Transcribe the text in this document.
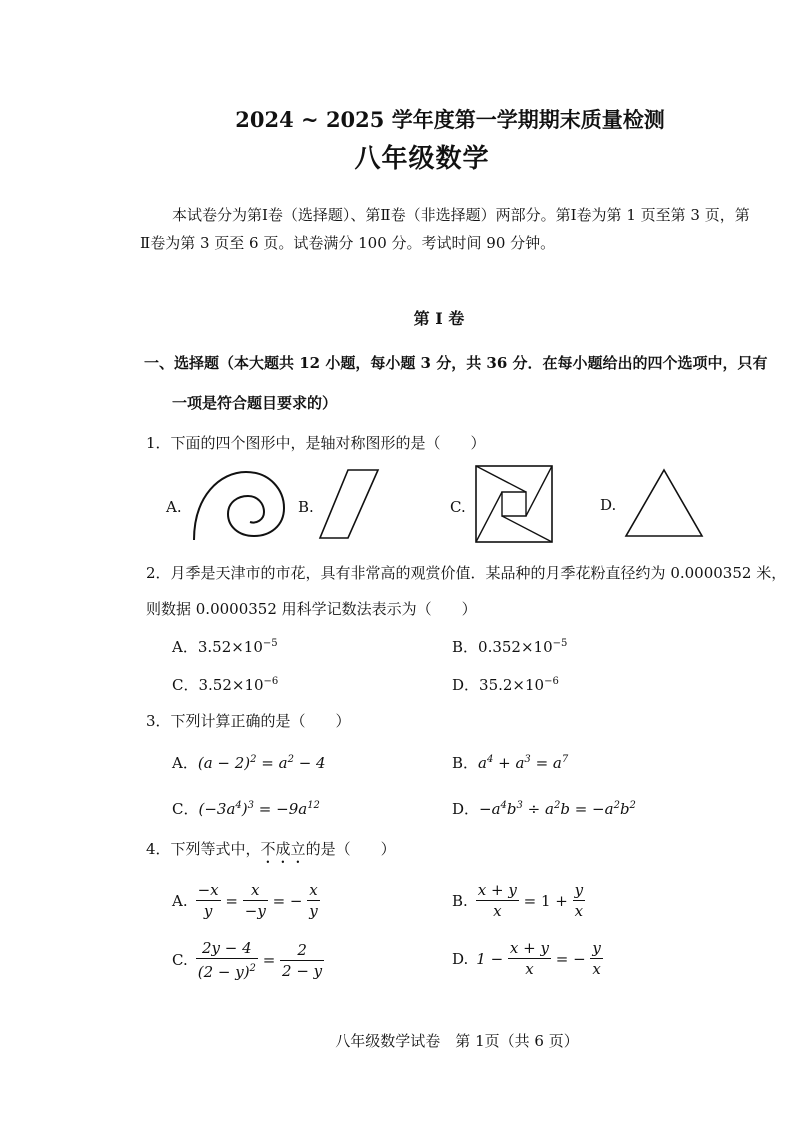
2024 ~ 2025 学年度第一学期期末质量检测
八年级数学
本试卷分为第Ⅰ卷（选择题）、第Ⅱ卷（非选择题）两部分。第Ⅰ卷为第 1 页至第 3 页，第
Ⅱ卷为第 3 页至 6 页。试卷满分 100 分。考试时间 90 分钟。
第 Ⅰ 卷
一、选择题（本大题共 12 小题，每小题 3 分，共 36 分．在每小题给出的四个选项中，只有
一项是符合题目要求的）
1．下面的四个图形中，是轴对称图形的是（　　）
A.	B.	C.	D.
2．月季是天津市的市花，具有非常高的观赏价值．某品种的月季花粉直径约为 0.0000352 米，
则数据 0.0000352 用科学记数法表示为（　　）
A．$3.52\times 10^{-5}$	B．$0.352\times 10^{-5}$
C．$3.52\times 10^{-6}$	D．$35.2\times 10^{-6}$
3．下列计算正确的是（　　）
A．$(a - 2)^2 = a^2 - 4$	B．$a^4 + a^3 = a^7$
C．$(-3a^4)^3 = -9a^{12}$	D．$-a^4b^3 \div a^2b = -a^2b^2$
4．下列等式中，不成立的是（　　）
A. $\frac{-x}{y} = \frac{x}{-y}$ = − $\frac{x}{y}$	B. $\frac{x + y}{x} = 1 + \frac{y}{x}$
C. $\frac{2y - 4}{(2 - y)^2} = \frac{2}{2 - y}$	D. $1 - \frac{x + y}{x}$ = − $\frac{y}{x}$
八年级数学试卷　第 1页（共 6 页）
